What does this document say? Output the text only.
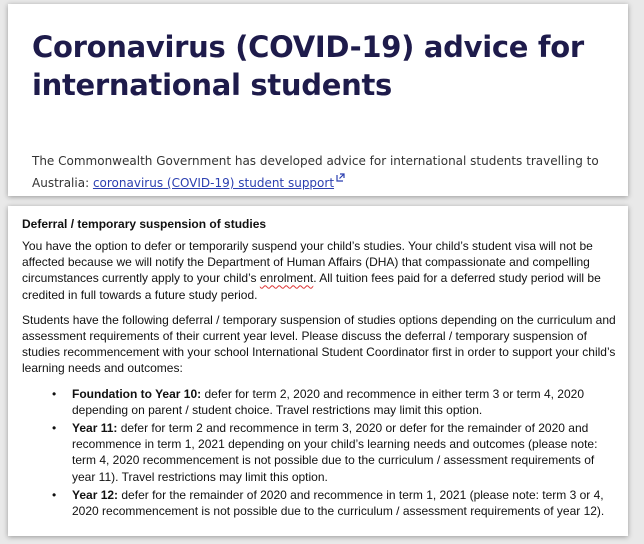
Coronavirus (COVID-19) advice for international students

The Commonwealth Government has developed advice for international students travelling to Australia: coronavirus (COVID-19) student support

Deferral / temporary suspension of studies

You have the option to defer or temporarily suspend your child’s studies. Your child’s student visa will not be affected because we will notify the Department of Human Affairs (DHA) that compassionate and compelling circumstances currently apply to your child’s enrolment. All tuition fees paid for a deferred study period will be credited in full towards a future study period.

Students have the following deferral / temporary suspension of studies options depending on the curriculum and assessment requirements of their current year level. Please discuss the deferral / temporary suspension of studies recommencement with your school International Student Coordinator first in order to support your child’s learning needs and outcomes:

• Foundation to Year 10: defer for term 2, 2020 and recommence in either term 3 or term 4, 2020 depending on parent / student choice. Travel restrictions may limit this option.
• Year 11: defer for term 2 and recommence in term 3, 2020 or defer for the remainder of 2020 and recommence in term 1, 2021 depending on your child’s learning needs and outcomes (please note: term 4, 2020 recommencement is not possible due to the curriculum / assessment requirements of year 11). Travel restrictions may limit this option.
• Year 12: defer for the remainder of 2020 and recommence in term 1, 2021 (please note: term 3 or 4, 2020 recommencement is not possible due to the curriculum / assessment requirements of year 12).
